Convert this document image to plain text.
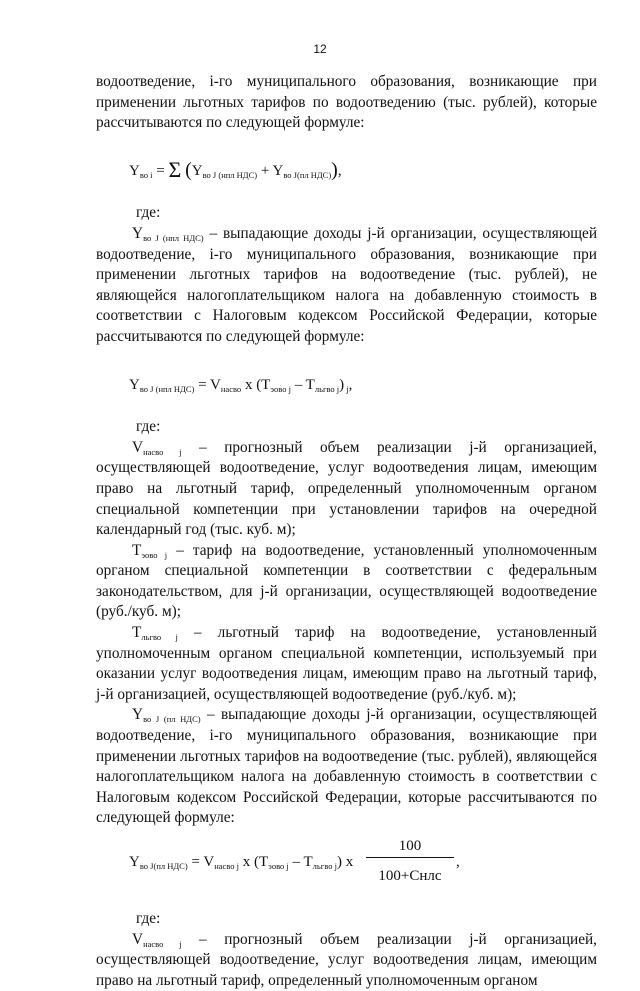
12

водоотведение, i-го муниципального образования, возникающие при применении льготных тарифов по водоотведению (тыс. рублей), которые рассчитываются по следующей формуле:

$Y_{во i} = \Sigma$ $(Y_{во J (нпл НДС)} + Y_{во J(пл НДС)})$,

где:

$Y_{во J (нпл НДС)}$ – выпадающие доходы j-й организации, осуществляющей водоотведение, i-го муниципального образования, возникающие при применении льготных тарифов на водоотведение (тыс. рублей), не являющейся налогоплательщиком налога на добавленную стоимость в соответствии с Налоговым кодексом Российской Федерации, которые рассчитываются по следующей формуле:

$Y_{во J (нпл НДС)} = V_{насво}$ х $(T_{эово j} - T_{льгво j})$ $_j$,

где:

$V_{насво j}$ – прогнозный объем реализации j-й организацией, осуществляющей водоотведение, услуг водоотведения лицам, имеющим право на льготный тариф, определенный уполномоченным органом специальной компетенции при установлении тарифов на очередной календарный год (тыс. куб. м);

$T_{эово j}$ – тариф на водоотведение, установленный уполномоченным органом специальной компетенции в соответствии с федеральным законодательством, для j-й организации, осуществляющей водоотведение (руб./куб. м);

$T_{льгво j}$ – льготный тариф на водоотведение, установленный уполномоченным органом специальной компетенции, используемый при оказании услуг водоотведения лицам, имеющим право на льготный тариф, j-й организацией, осуществляющей водоотведение (руб./куб. м);

$Y_{во J (пл НДС)}$ – выпадающие доходы j-й организации, осуществляющей водоотведение, i-го муниципального образования, возникающие при применении льготных тарифов на водоотведение (тыс. рублей), являющейся налогоплательщиком налога на добавленную стоимость в соответствии с Налоговым кодексом Российской Федерации, которые рассчитываются по следующей формуле:

$Y_{во J(пл НДС)} = V_{насво j}$ х $(T_{эово j} - T_{льгво j})$ х
100
100+Снлс
,

где:

$V_{насво j}$ – прогнозный объем реализации j-й организацией, осуществляющей водоотведение, услуг водоотведения лицам, имеющим право на льготный тариф, определенный уполномоченным органом
